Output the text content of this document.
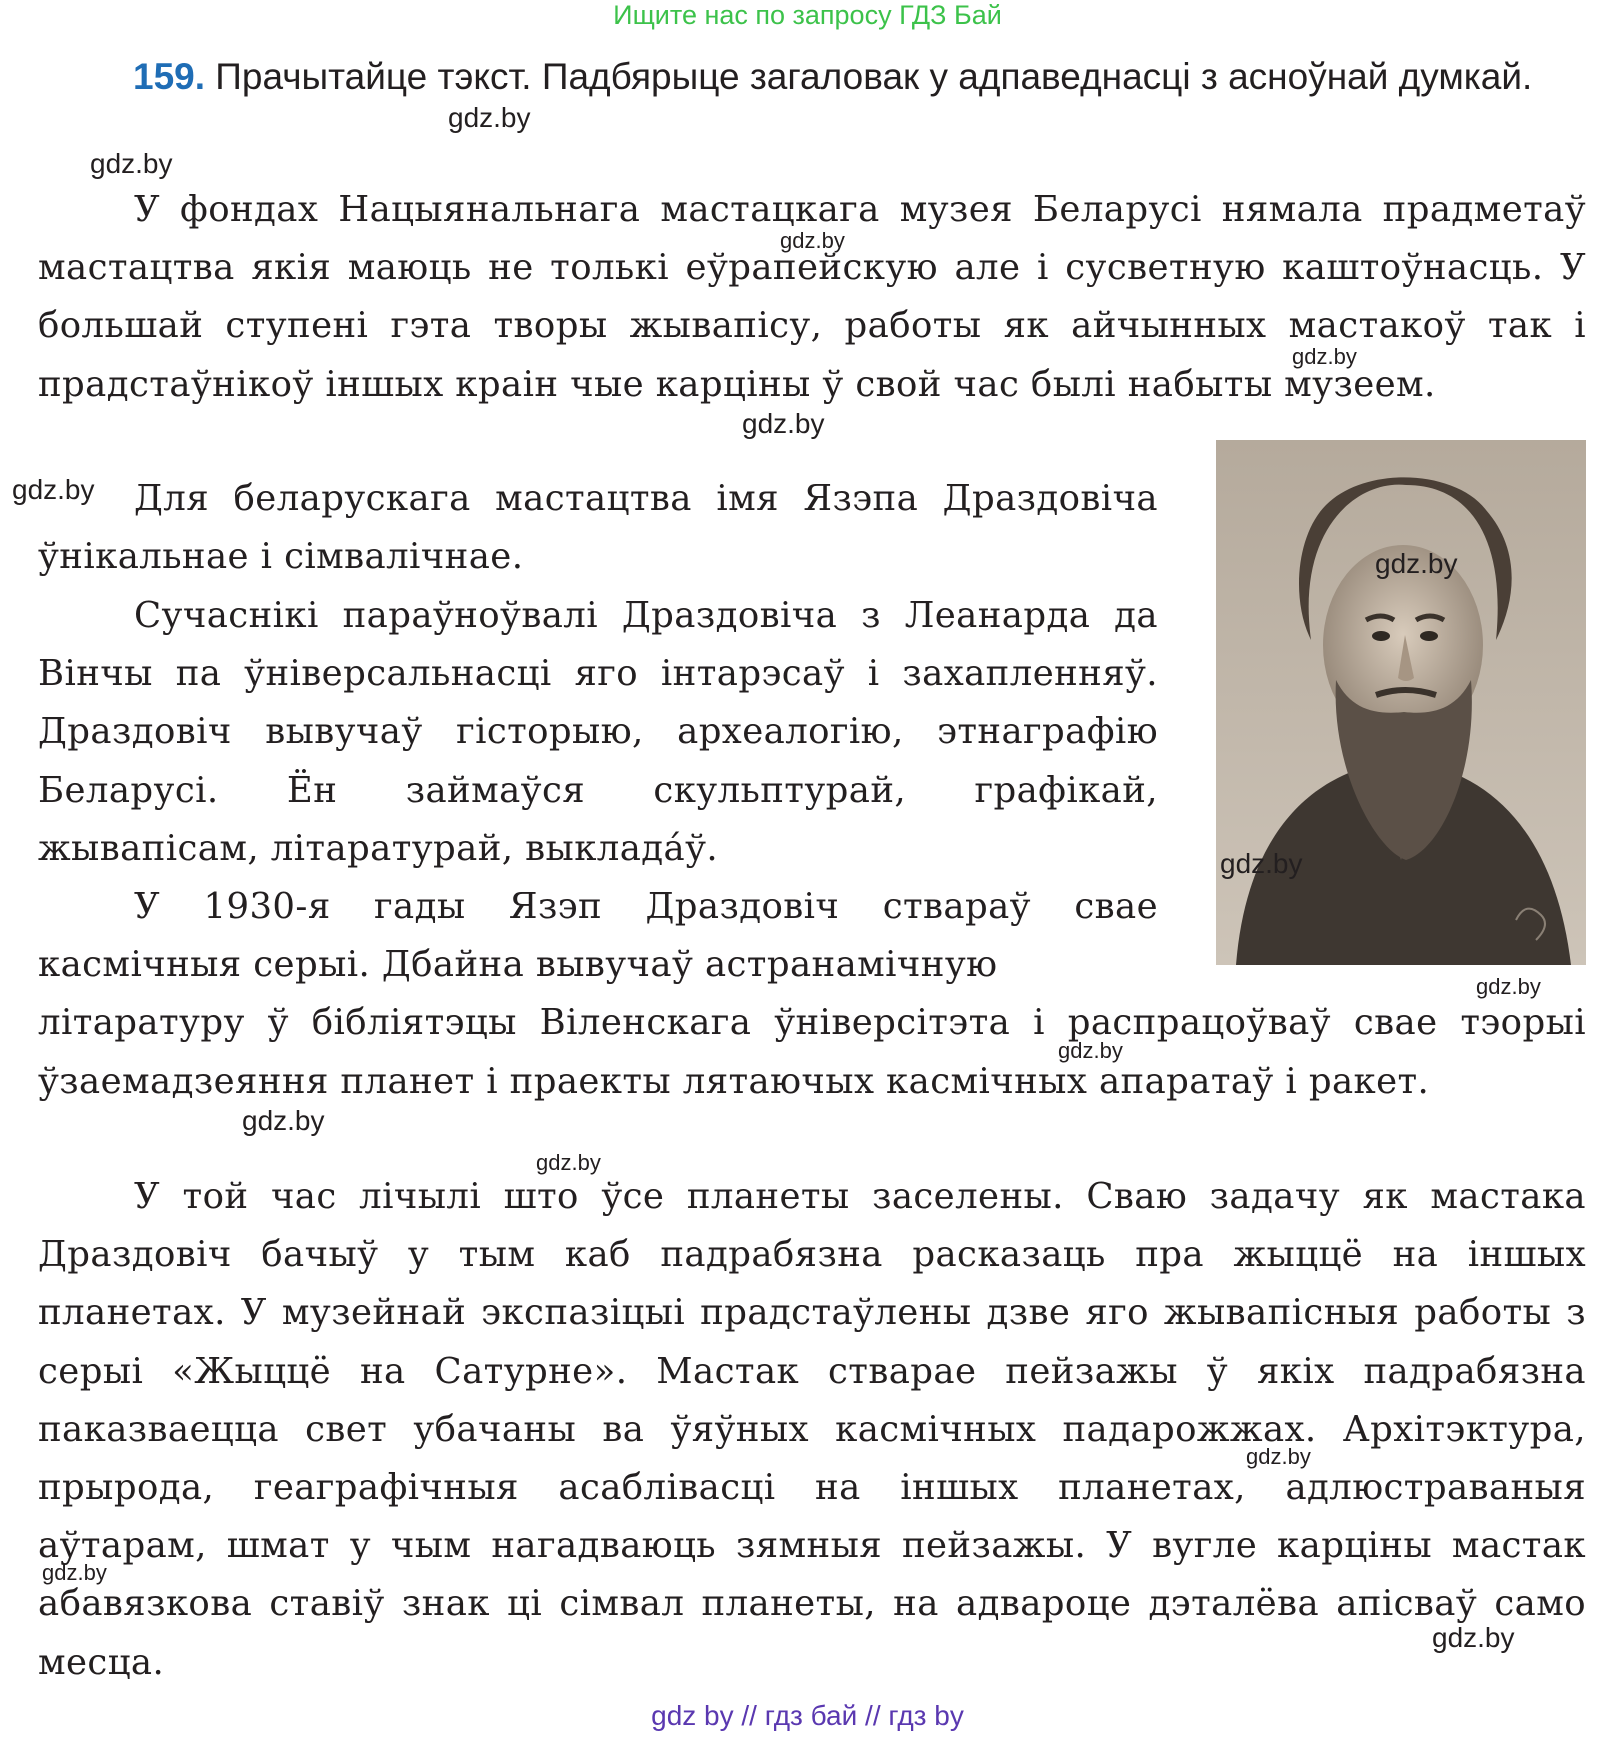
Ищите нас по запросу ГДЗ Бай
159. Прачытайце тэкст. Падбярыце загаловак у адпаведнасці з асноўнай думкай.

У фондах Нацыянальнага мастацкага музея Беларусі нямала прадметаў мастацтва якія маюць не толькі еўрапейскую але і сусветную каштоўнасць. У большай ступені гэта творы жывапісу, работы як айчынных мастакоў так і прадстаўнікоў іншых краін чые карціны ў свой час былі набыты музеем.

Для беларускага мастацтва імя Язэпа Драздовіча ўнікальнае і сімвалічнае.

Сучаснікі параўноўвалі Драздовіча з Леанарда да Вінчы па ўніверсальнасці яго інтарэсаў і захапленняў. Драздовіч вывучаў гісторыю, археалогію, этнаграфію Беларусі. Ён займаўся скульптурай, графікай, жывапісам, літаратурай, выкладáў.

У 1930-я гады Язэп Драздовіч стварaў свае касмічныя серыі. Дбайна вывучаў астранамічную
літаратуру ў бібліятэцы Віленскага ўніверсітэта і распрацоўваў свае тэорыі ўзаемадзеяння планет і праекты лятаючых касмічных апаратаў і ракет.

У той час лічылі што ўсе планеты заселены. Сваю задачу як мастака Драздовіч бачыў у тым каб падрабязна расказаць пра жыццё на іншых планетах. У музейнай экспазіцыі прадстаўлены дзве яго жывапісныя работы з серыі «Жыццё на Сатурне». Мастак стварае пейзажы ў якіх падрабязна паказваецца свет убачаны ва ўяўных касмічных падарожжах. Архітэктура, прырода, геаграфічныя асаблівасці на іншых планетах, адлюстраваныя аўтарам, шмат у чым нагадваюць зямныя пейзажы. У вугле карціны мастак абавязкова ставіў знак ці сімвал планеты, на адвароце дэталёва апісваў само месца.

gdz.by
gdz.by
gdz.by
gdz.by
gdz.by
gdz.by
gdz.by
gdz.by
gdz.by
gdz.by
gdz.by
gdz.by
gdz.by
gdz.by
gdz.by
gdz by // гдз бай // гдз by
